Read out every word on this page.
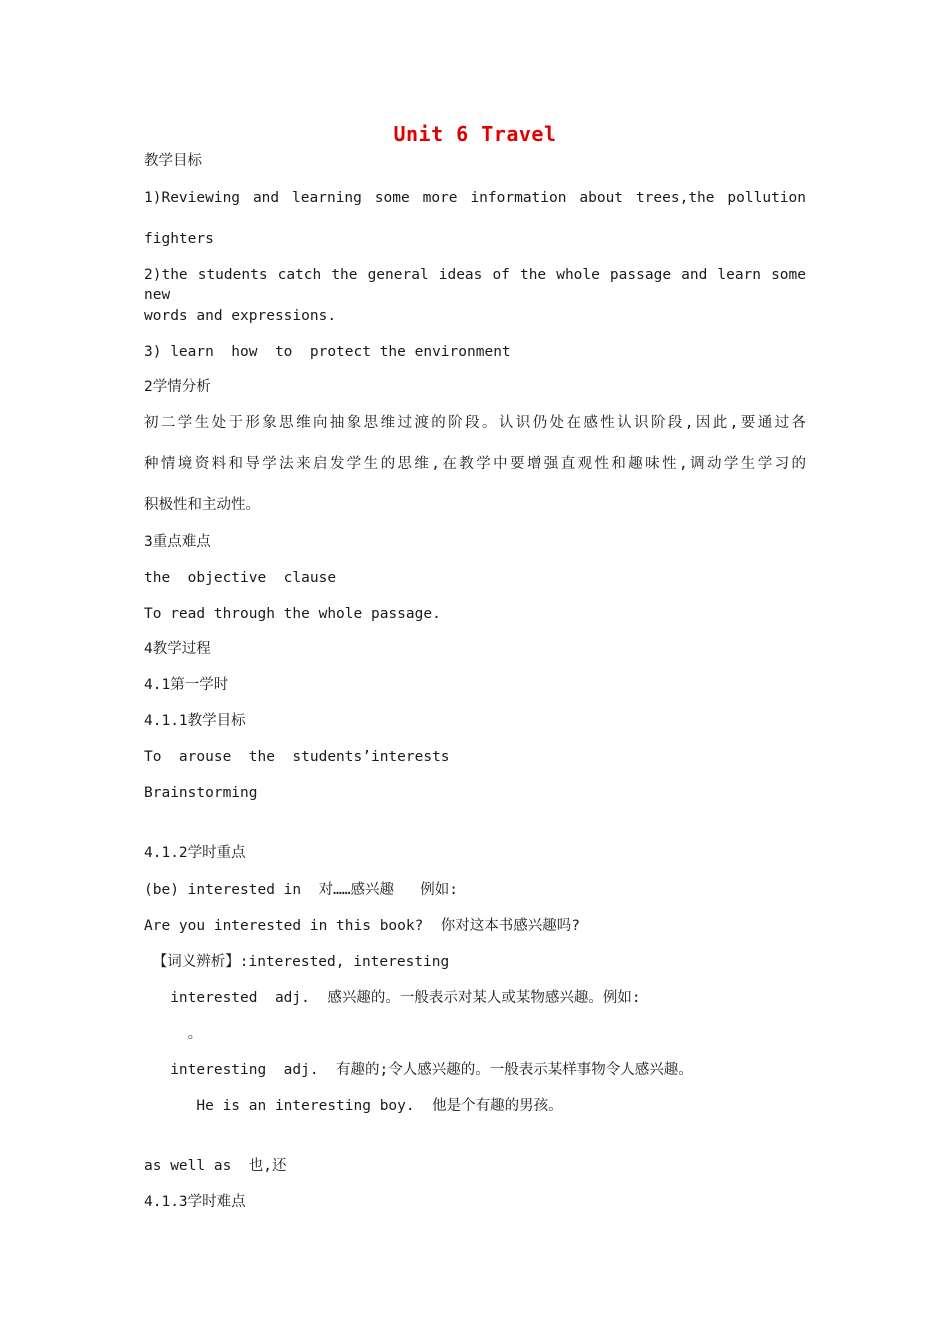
Unit 6 Travel
教学目标
1)Reviewing and learning some more information about trees,the pollution
fighters
2)the students catch the general ideas of the whole passage and learn some new
words and expressions.
3) learn  how  to  protect the environment
2学情分析
初二学生处于形象思维向抽象思维过渡的阶段。认识仍处在感性认识阶段,因此,要通过各
种情境资料和导学法来启发学生的思维,在教学中要增强直观性和趣味性,调动学生学习的
积极性和主动性。
3重点难点
the  objective  clause
To read through the whole passage.
4教学过程
4.1第一学时
4.1.1教学目标
To  arouse  the  students’interests
Brainstorming
4.1.2学时重点
(be) interested in  对……感兴趣   例如:
Are you interested in this book?  你对这本书感兴趣吗?
【词义辨析】:interested, interesting
interested  adj.  感兴趣的。一般表示对某人或某物感兴趣。例如:
。
interesting  adj.  有趣的;令人感兴趣的。一般表示某样事物令人感兴趣。
He is an interesting boy.  他是个有趣的男孩。
as well as  也,还
4.1.3学时难点
